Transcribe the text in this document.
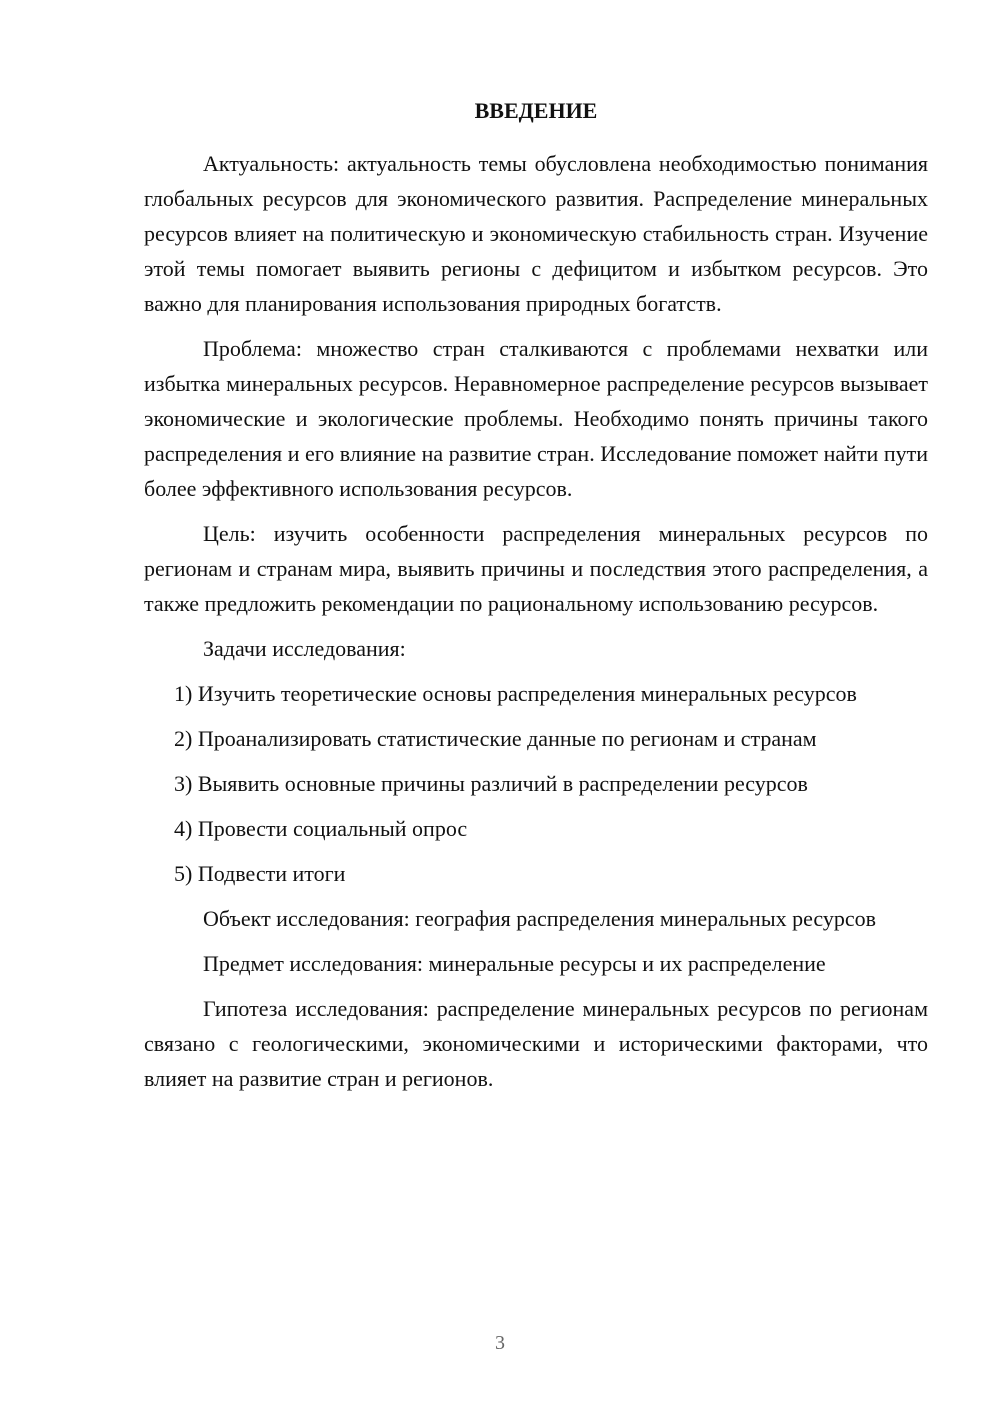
ВВЕДЕНИЕ

Актуальность: актуальность темы обусловлена необходимостью понимания глобальных ресурсов для экономического развития. Распределение минеральных ресурсов влияет на политическую и экономическую стабильность стран. Изучение этой темы помогает выявить регионы с дефицитом и избытком ресурсов. Это важно для планирования использования природных богатств.

Проблема: множество стран сталкиваются с проблемами нехватки или избытка минеральных ресурсов. Неравномерное распределение ресурсов вызывает экономические и экологические проблемы. Необходимо понять причины такого распределения и его влияние на развитие стран. Исследование поможет найти пути более эффективного использования ресурсов.

Цель: изучить особенности распределения минеральных ресурсов по регионам и странам мира, выявить причины и последствия этого распределения, а также предложить рекомендации по рациональному использованию ресурсов.

Задачи исследования:

1) Изучить теоретические основы распределения минеральных ресурсов

2) Проанализировать статистические данные по регионам и странам

3) Выявить основные причины различий в распределении ресурсов

4) Провести социальный опрос

5) Подвести итоги

Объект исследования: география распределения минеральных ресурсов

Предмет исследования: минеральные ресурсы и их распределение

Гипотеза исследования: распределение минеральных ресурсов по регионам связано с геологическими, экономическими и историческими факторами, что влияет на развитие стран и регионов.

3
